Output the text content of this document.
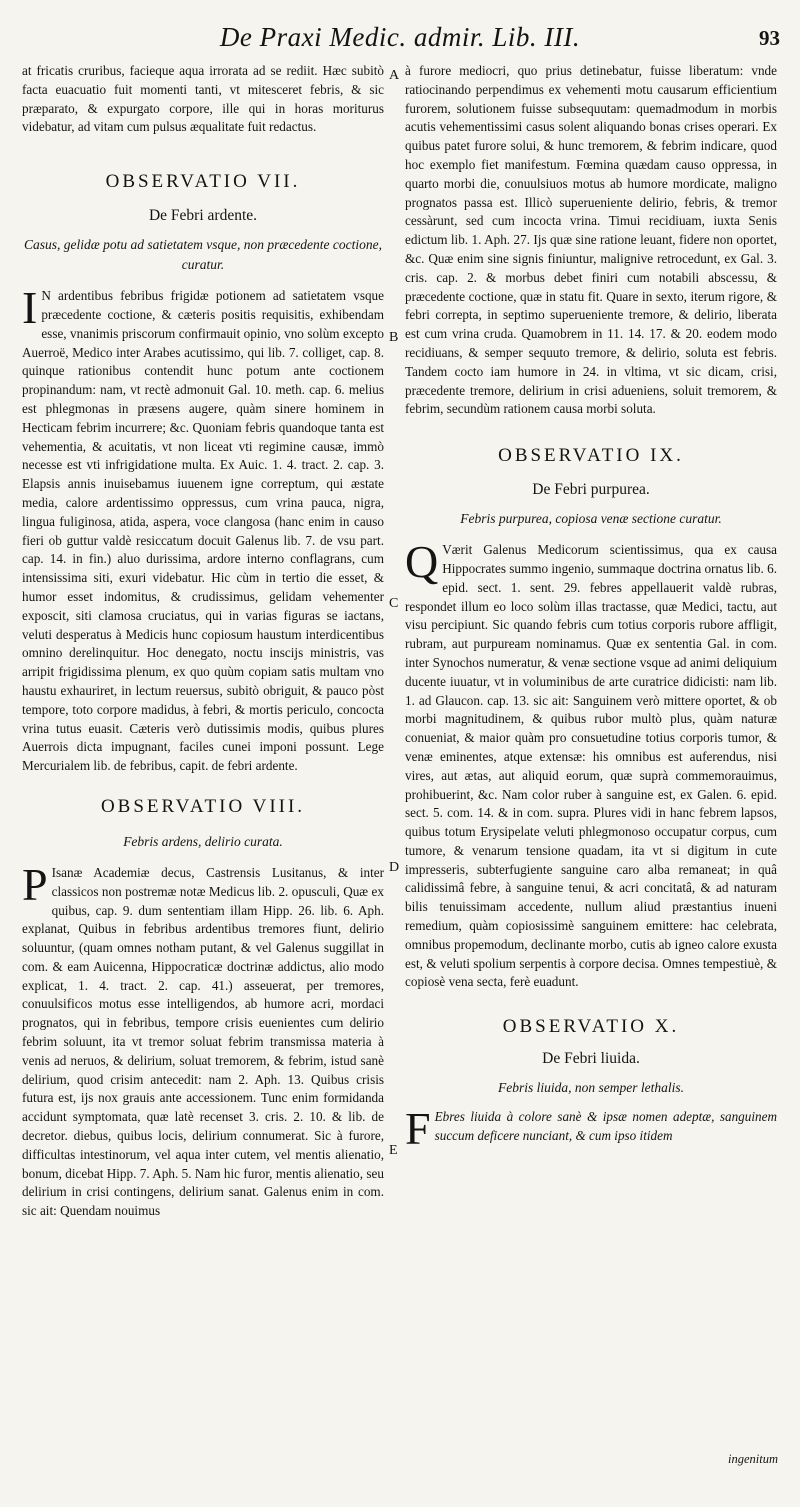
De Praxi Medic. admir. Lib. III.	93

at fricatis cruribus, facieque aqua irrorata ad se rediit. Hæc subitò facta euacuatio fuit momenti tanti, vt mitesceret febris, & sic præparato, & expurgato corpore, ille qui in horas moriturus videbatur, ad vitam cum pulsus æqualitate fuit redactus.

OBSERVATIO VII.

De Febri ardente.

Casus, gelidæ potu ad satietatem vsque, non præcedente coctione, curatur.

I N ardentibus febribus frigidæ potionem ad satietatem vsque præcedente coctione, & cæteris positis requisitis, exhibendam esse, vnanimis priscorum confirmauit opinio, vno solùm excepto Auerroë, Medico inter Arabes acutissimo, qui lib. 7. colliget, cap. 8. quinque rationibus contendit hunc potum ante coctionem propinandum: nam, vt rectè admonuit Gal. 10. meth. cap. 6. melius est phlegmonas in præsens augere, quàm sinere hominem in Hecticam febrim incurrere; &c. Quoniam febris quandoque tanta est vehementia, & acuitatis, vt non liceat vti regimine causæ, immò necesse est vti infrigidatione multa. Ex Auic. 1. 4. tract. 2. cap. 3. Elapsis annis inuisebamus iuuenem igne correptum, qui æstate media, calore ardentissimo oppressus, cum vrina pauca, nigra, lingua fuliginosa, atida, aspera, voce clangosa (hanc enim in causo fieri ob guttur valdè resiccatum docuit Galenus lib. 7. de vsu part. cap. 14. in fin.) aluo durissima, ardore interno conflagrans, cum intensissima siti, exuri videbatur. Hic cùm in tertio die esset, & humor esset indomitus, & crudissimus, gelidam vehementer exposcit, siti clamosa cruciatus, qui in varias figuras se iactans, veluti desperatus à Medicis hunc copiosum haustum interdicentibus omnino derelinquitur. Hoc denegato, noctu inscijs ministris, vas arripit frigidissima plenum, ex quo quùm copiam satis multam vno haustu exhauriret, in lectum reuersus, subitò obriguit, & pauco pòst tempore, toto corpore madidus, à febri, & mortis periculo, concocta vrina tutus euasit. Cæteris verò dutissimis modis, quibus plures Auerrois dicta impugnant, faciles cunei imponi possunt. Lege Mercurialem lib. de febribus, capit. de febri ardente.

OBSERVATIO VIII.

Febris ardens, delirio curata.

P Isanæ Academiæ decus, Castrensis Lusitanus, & inter classicos non postremæ notæ Medicus lib. 2. opusculi, Quæ ex quibus, cap. 9. dum sententiam illam Hipp. 26. lib. 6. Aph. explanat, Quibus in febribus ardentibus tremores fiunt, delirio soluuntur, (quam omnes notham putant, & vel Galenus suggillat in com. & eam Auicenna, Hippocraticæ doctrinæ addictus, alio modo explicat, 1. 4. tract. 2. cap. 41.) asseuerat, per tremores, conuulsificos motus esse intelligendos, ab humore acri, mordaci prognatos, qui in febribus, tempore crisis euenientes cum delirio febrim soluunt, ita vt tremor soluat febrim transmissa materia à venis ad neruos, & delirium, soluat tremorem, & febrim, istud sanè delirium, quod crisim antecedit: nam 2. Aph. 13. Quibus crisis futura est, ijs nox grauis ante accessionem. Tunc enim formidanda accidunt symptomata, quæ latè recenset 3. cris. 2. 10. & lib. de decretor. diebus, quibus locis, delirium connumerat. Sic à furore, difficultas intestinorum, vel aqua inter cutem, vel mentis alienatio, bonum, dicebat Hipp. 7. Aph. 5. Nam hic furor, mentis alienatio, seu delirium in crisi contingens, delirium sanat. Galenus enim in com. sic ait: Quendam nouimus

A
B
C
D
E

à furore mediocri, quo prius detinebatur, fuisse liberatum: vnde ratiocinando perpendimus ex vehementi motu causarum efficientium furorem, solutionem fuisse subsequutam: quemadmodum in morbis acutis vehementissimi casus solent aliquando bonas crises operari. Ex quibus patet furore solui, & hunc tremorem, & febrim indicare, quod hoc exemplo fiet manifestum. Fœmina quædam causo oppressa, in quarto morbi die, conuulsiuos motus ab humore mordicate, maligno prognatos passa est. Illicò superueniente delirio, febris, & tremor cessàrunt, sed cum incocta vrina. Timui recidiuam, iuxta Senis edictum lib. 1. Aph. 27. Ijs quæ sine ratione leuant, fidere non oportet, &c. Quæ enim sine signis finiuntur, malignive retrocedunt, ex Gal. 3. cris. cap. 2. & morbus debet finiri cum notabili abscessu, & præcedente coctione, quæ in statu fit. Quare in sexto, iterum rigore, & febri correpta, in septimo superueniente tremore, & delirio, liberata est cum vrina cruda. Quamobrem in 11. 14. 17. & 20. eodem modo recidiuans, & semper sequuto tremore, & delirio, soluta est febris. Tandem cocto iam humore in 24. in vltima, vt sic dicam, crisi, præcedente tremore, delirium in crisi adueniens, soluit tremorem, & febrim, secundùm rationem causa morbi soluta.

OBSERVATIO IX.

De Febri purpurea.

Febris purpurea, copiosa venæ sectione curatur.

Q Værit Galenus Medicorum scientissimus, qua ex causa Hippocrates summo ingenio, summaque doctrina ornatus lib. 6. epid. sect. 1. sent. 29. febres appellauerit valdè rubras, respondet illum eo loco solùm illas tractasse, quæ Medici, tactu, aut visu percipiunt. Sic quando febris cum totius corporis rubore affligit, rubram, aut purpuream nominamus. Quæ ex sententia Gal. in com. inter Synochos numeratur, & venæ sectione vsque ad animi deliquium ducente iuuatur, vt in voluminibus de arte curatrice didicisti: nam lib. 1. ad Glaucon. cap. 13. sic ait: Sanguinem verò mittere oportet, & ob morbi magnitudinem, & quibus rubor multò plus, quàm naturæ conueniat, & maior quàm pro consuetudine totius corporis tumor, & venæ eminentes, atque extensæ: his omnibus est auferendus, nisi vires, aut ætas, aut aliquid eorum, quæ suprà commemorauimus, prohibuerint, &c. Nam color ruber à sanguine est, ex Galen. 6. epid. sect. 5. com. 14. & in com. supra. Plures vidi in hanc febrem lapsos, quibus totum Erysipelate veluti phlegmonoso occupatur corpus, cum tumore, & venarum tensione quadam, ita vt si digitum in cute impresseris, subterfugiente sanguine caro alba remaneat; in quâ calidissimâ febre, à sanguine tenui, & acri concitatâ, & ad naturam bilis tenuissimam accedente, nullum aliud præstantius inueni remedium, quàm copiosissimè sanguinem emittere: hac celebrata, omnibus propemodum, declinante morbo, cutis ab igneo calore exusta est, & veluti spolium serpentis à corpore decisa. Omnes tempestiuè, & copiosè vena secta, ferè euadunt.

OBSERVATIO X.

De Febri liuida.

Febris liuida, non semper lethalis.

F Ebres liuida à colore sanè & ipsæ nomen adeptæ, sanguinem succum deficere nunciant, & cum ipso itidem

ingenitum
